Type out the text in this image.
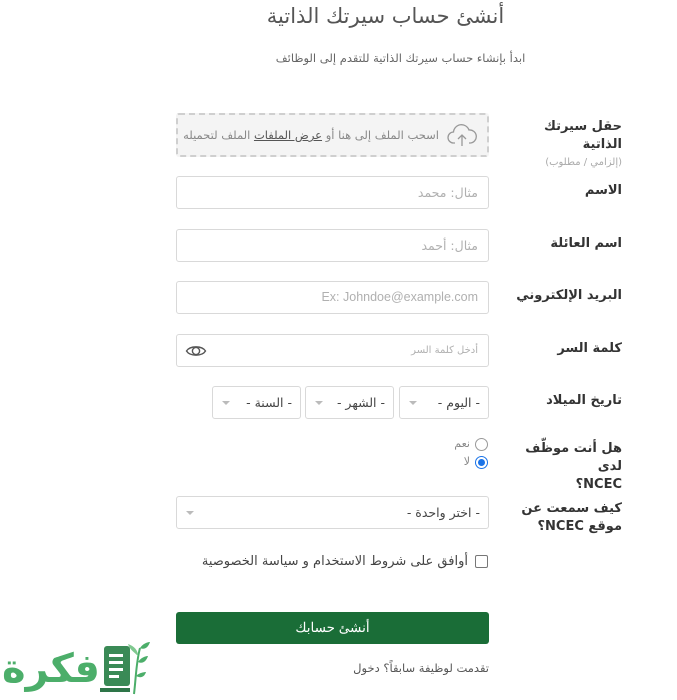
أنشئ حساب سيرتك الذاتية

ابدأ بإنشاء حساب سيرتك الذاتية للتقدم إلى الوظائف

حقل سيرتك الذاتية
(إلزامي / مطلوب)
اسحب الملف إلى هنا أو عرض الملفات الملف لتحميله
الاسم
مثال: محمد
اسم العائلة
مثال: أحمد
البريد الإلكتروني
Ex: Johndoe@example.com
كلمة السر
أدخل كلمة السر
تاريخ الميلاد
- اليوم -
- الشهر -
- السنة -
هل أنت موظّف لدى
NCEC؟
نعم
لا
كيف سمعت عن
موقع NCEC؟
- اختر واحدة -
أوافق على شروط الاستخدام و سياسة الخصوصية
أنشئ حسابك
تقدمت لوظيفة سابقاً؟ دخول
فكرة
